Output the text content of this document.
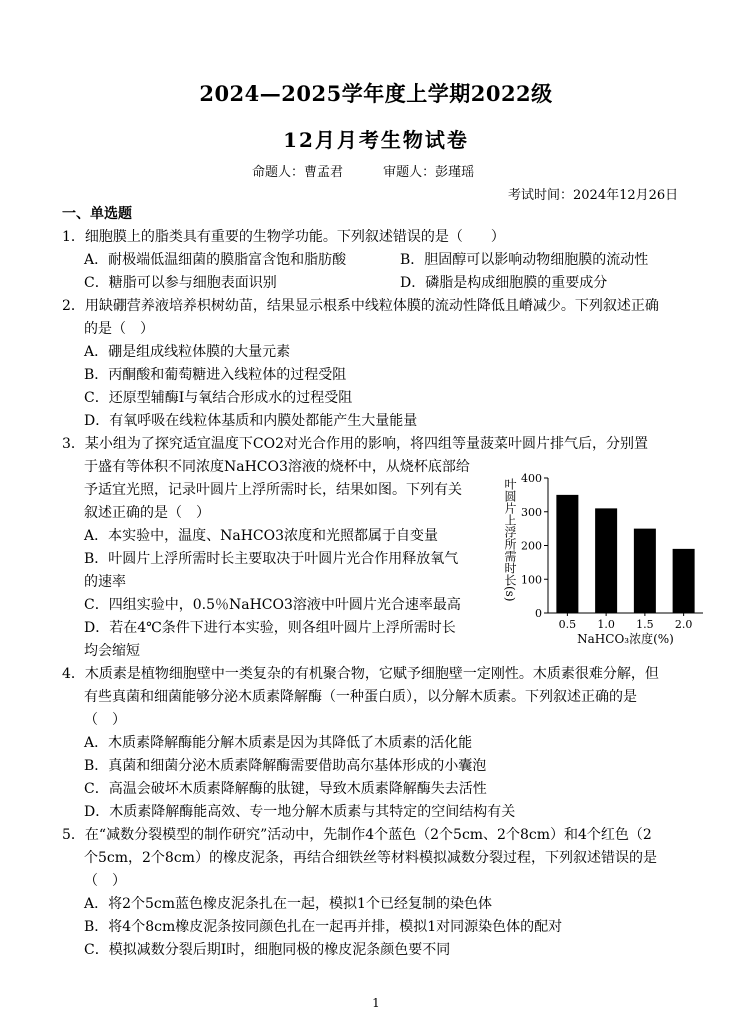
2024—2025学年度上学期2022级
12月月考生物试卷
命题人：曹孟君	审题人：彭瑾瑶
考试时间：2024年12月26日
一、单选题
1．细胞膜上的脂类具有重要的生物学功能。下列叙述错误的是（　　）
A．耐极端低温细菌的膜脂富含饱和脂肪酸	B．胆固醇可以影响动物细胞膜的流动性
C．糖脂可以参与细胞表面识别	D．磷脂是构成细胞膜的重要成分
2．用缺硼营养液培养枳树幼苗，结果显示根系中线粒体膜的流动性降低且嵴减少。下列叙述正确
的是（　）
A．硼是组成线粒体膜的大量元素
B．丙酮酸和葡萄糖进入线粒体的过程受阻
C．还原型辅酶Ⅰ与氧结合形成水的过程受阻
D．有氧呼吸在线粒体基质和内膜处都能产生大量能量
3．某小组为了探究适宜温度下CO2对光合作用的影响，将四组等量菠菜叶圆片排气后，分别置
于盛有等体积不同浓度NaHCO3溶液的烧杯中，从烧杯底部给
予适宜光照，记录叶圆片上浮所需时长，结果如图。下列有关
叙述正确的是（　）
A．本实验中，温度、NaHCO3浓度和光照都属于自变量
B．叶圆片上浮所需时长主要取决于叶圆片光合作用释放氧气
的速率
C．四组实验中，0.5％NaHCO3溶液中叶圆片光合速率最高
D．若在4℃条件下进行本实验，则各组叶圆片上浮所需时长
均会缩短
0
100
200
300
400
0.5 1.0 1.5 2.0
NaHCO₃浓度(%)
叶圆片上浮所需时长(s)
4．木质素是植物细胞壁中一类复杂的有机聚合物，它赋予细胞壁一定刚性。木质素很难分解，但
有些真菌和细菌能够分泌木质素降解酶（一种蛋白质），以分解木质素。下列叙述正确的是
（　）
A．木质素降解酶能分解木质素是因为其降低了木质素的活化能
B．真菌和细菌分泌木质素降解酶需要借助高尔基体形成的小囊泡
C．高温会破坏木质素降解酶的肽键，导致木质素降解酶失去活性
D．木质素降解酶能高效、专一地分解木质素与其特定的空间结构有关
5．在“减数分裂模型的制作研究”活动中，先制作4个蓝色（2个5cm、2个8cm）和4个红色（2
个5cm，2个8cm）的橡皮泥条，再结合细铁丝等材料模拟减数分裂过程，下列叙述错误的是
（　）
A．将2个5cm蓝色橡皮泥条扎在一起，模拟1个已经复制的染色体
B．将4个8cm橡皮泥条按同颜色扎在一起再并排，模拟1对同源染色体的配对
C．模拟减数分裂后期Ⅰ时，细胞同极的橡皮泥条颜色要不同
1
